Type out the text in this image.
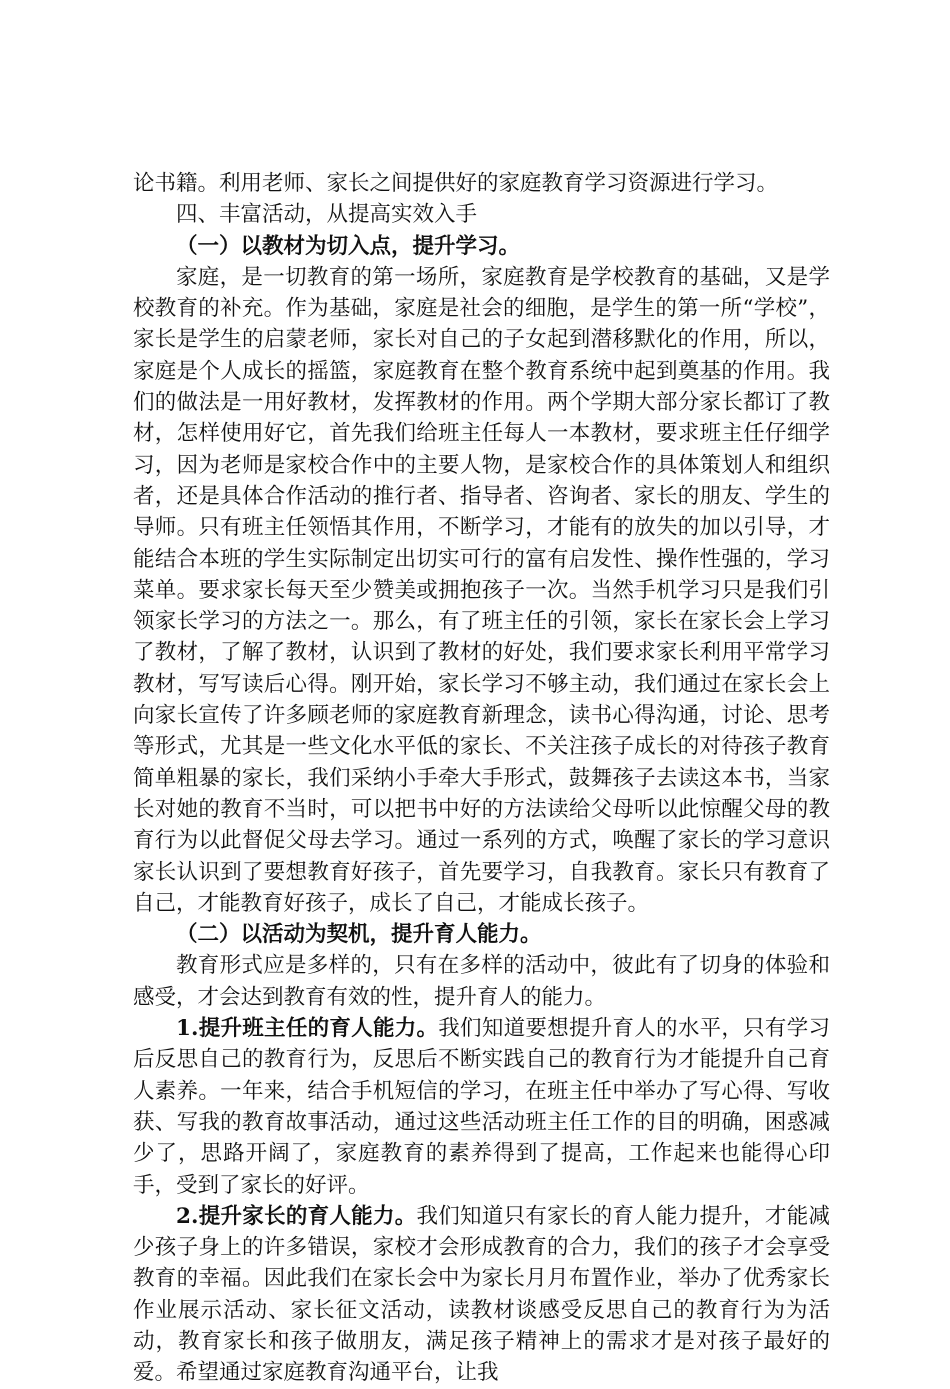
论书籍。利用老师、家长之间提供好的家庭教育学习资源进行学习。

四、丰富活动，从提高实效入手

（一）以教材为切入点，提升学习。

家庭，是一切教育的第一场所，家庭教育是学校教育的基础，又是学校教育的补充。作为基础，家庭是社会的细胞，是学生的第一所“学校”，家长是学生的启蒙老师，家长对自己的子女起到潜移默化的作用，所以，家庭是个人成长的摇篮，家庭教育在整个教育系统中起到奠基的作用。我们的做法是一用好教材，发挥教材的作用。两个学期大部分家长都订了教材，怎样使用好它，首先我们给班主任每人一本教材，要求班主任仔细学习，因为老师是家校合作中的主要人物，是家校合作的具体策划人和组织者，还是具体合作活动的推行者、指导者、咨询者、家长的朋友、学生的导师。只有班主任领悟其作用，不断学习，才能有的放失的加以引导，才能结合本班的学生实际制定出切实可行的富有启发性、操作性强的，学习菜单。要求家长每天至少赞美或拥抱孩子一次。当然手机学习只是我们引领家长学习的方法之一。那么，有了班主任的引领，家长在家长会上学习了教材，了解了教材，认识到了教材的好处，我们要求家长利用平常学习教材，写写读后心得。刚开始，家长学习不够主动，我们通过在家长会上向家长宣传了许多顾老师的家庭教育新理念，读书心得沟通，讨论、思考等形式，尤其是一些文化水平低的家长、不关注孩子成长的对待孩子教育简单粗暴的家长，我们采纳小手牵大手形式，鼓舞孩子去读这本书，当家长对她的教育不当时，可以把书中好的方法读给父母听以此惊醒父母的教育行为以此督促父母去学习。通过一系列的方式，唤醒了家长的学习意识家长认识到了要想教育好孩子，首先要学习，自我教育。家长只有教育了自己，才能教育好孩子，成长了自己，才能成长孩子。

（二）以活动为契机，提升育人能力。

教育形式应是多样的，只有在多样的活动中，彼此有了切身的体验和感受，才会达到教育有效的性，提升育人的能力。

1.提升班主任的育人能力。我们知道要想提升育人的水平，只有学习后反思自己的教育行为，反思后不断实践自己的教育行为才能提升自己育人素养。一年来，结合手机短信的学习，在班主任中举办了写心得、写收获、写我的教育故事活动，通过这些活动班主任工作的目的明确，困惑减少了，思路开阔了，家庭教育的素养得到了提高，工作起来也能得心印手，受到了家长的好评。

2.提升家长的育人能力。我们知道只有家长的育人能力提升，才能减少孩子身上的许多错误，家校才会形成教育的合力，我们的孩子才会享受教育的幸福。因此我们在家长会中为家长月月布置作业，举办了优秀家长作业展示活动、家长征文活动，读教材谈感受反思自己的教育行为为活动，教育家长和孩子做朋友，满足孩子精神上的需求才是对孩子最好的爱。希望通过家庭教育沟通平台，让我
